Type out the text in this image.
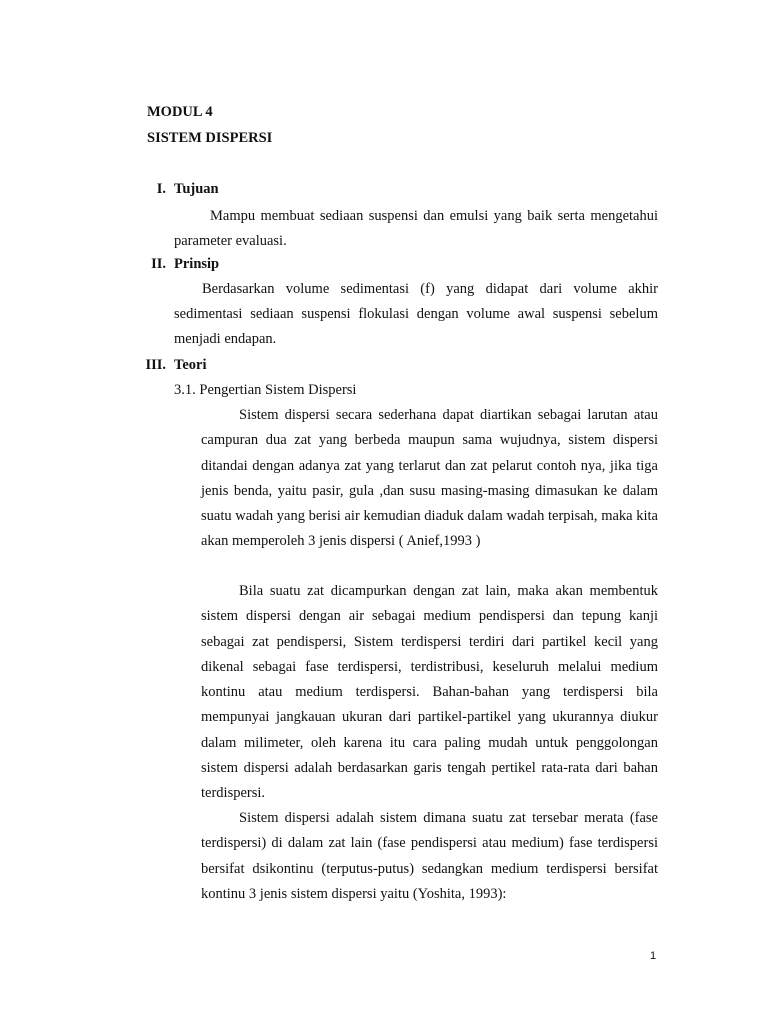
MODUL 4
SISTEM DISPERSI
I. Tujuan

Mampu membuat sediaan suspensi dan emulsi yang baik serta mengetahui parameter evaluasi.

II. Prinsip

Berdasarkan volume sedimentasi (f) yang didapat dari volume akhir sedimentasi sediaan suspensi flokulasi dengan volume awal suspensi sebelum menjadi endapan.

III. Teori
3.1. Pengertian Sistem Dispersi

Sistem dispersi secara sederhana dapat diartikan sebagai larutan atau campuran dua zat yang berbeda maupun sama wujudnya, sistem dispersi ditandai dengan adanya zat yang terlarut dan zat pelarut contoh nya, jika tiga jenis benda, yaitu pasir, gula ,dan susu masing-masing dimasukan ke dalam suatu wadah yang berisi air kemudian diaduk dalam wadah terpisah, maka kita akan memperoleh 3 jenis dispersi ( Anief,1993 )

Bila suatu zat dicampurkan dengan zat lain, maka akan membentuk sistem dispersi dengan air sebagai medium pendispersi dan tepung kanji sebagai zat pendispersi, Sistem terdispersi terdiri dari partikel kecil yang dikenal sebagai fase terdispersi, terdistribusi, keseluruh melalui medium kontinu atau medium terdispersi. Bahan-bahan yang terdispersi bila mempunyai jangkauan ukuran dari partikel-partikel yang ukurannya diukur dalam milimeter, oleh karena itu cara paling mudah untuk penggolongan sistem dispersi adalah berdasarkan garis tengah pertikel rata-rata dari bahan terdispersi.

Sistem dispersi adalah sistem dimana suatu zat tersebar merata (fase terdispersi) di dalam zat lain (fase pendispersi atau medium) fase terdispersi bersifat dsikontinu (terputus-putus) sedangkan medium terdispersi bersifat kontinu 3 jenis sistem dispersi yaitu (Yoshita, 1993):

1
